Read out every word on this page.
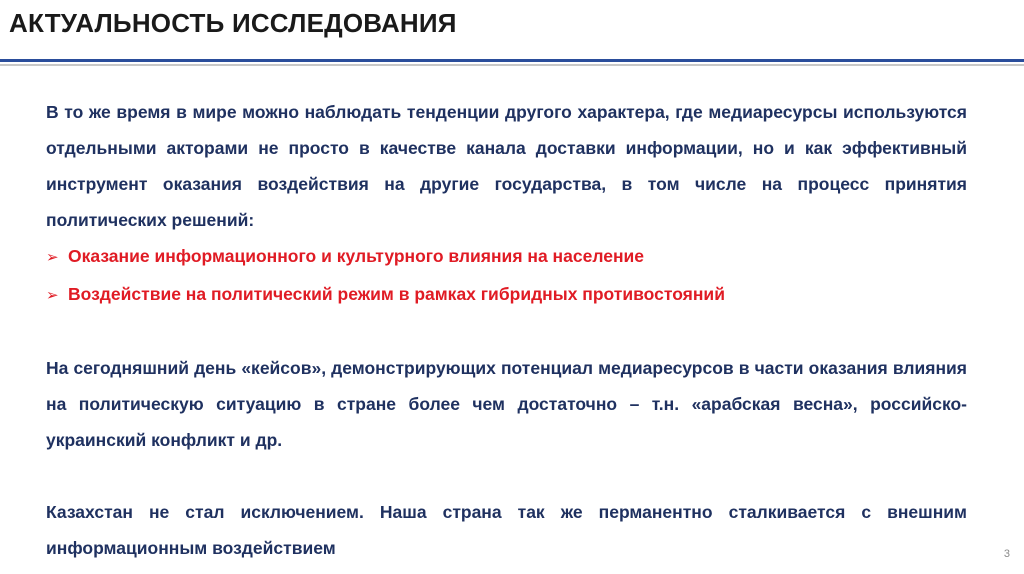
АКТУАЛЬНОСТЬ ИССЛЕДОВАНИЯ

В то же время в мире можно наблюдать тенденции другого характера, где медиаресурсы используются отдельными акторами не просто в качестве канала доставки информации, но и как эффективный инструмент оказания воздействия на другие государства, в том числе на процесс принятия политических решений:

➢ Оказание информационного и культурного влияния на население
➢ Воздействие на политический режим в рамках гибридных противостояний

На сегодняшний день «кейсов», демонстрирующих потенциал медиаресурсов в части оказания влияния на политическую ситуацию в стране более чем достаточно – т.н. «арабская весна», российско-украинский конфликт и др.

Казахстан не стал исключением. Наша страна так же перманентно сталкивается с внешним информационным воздействием	3
